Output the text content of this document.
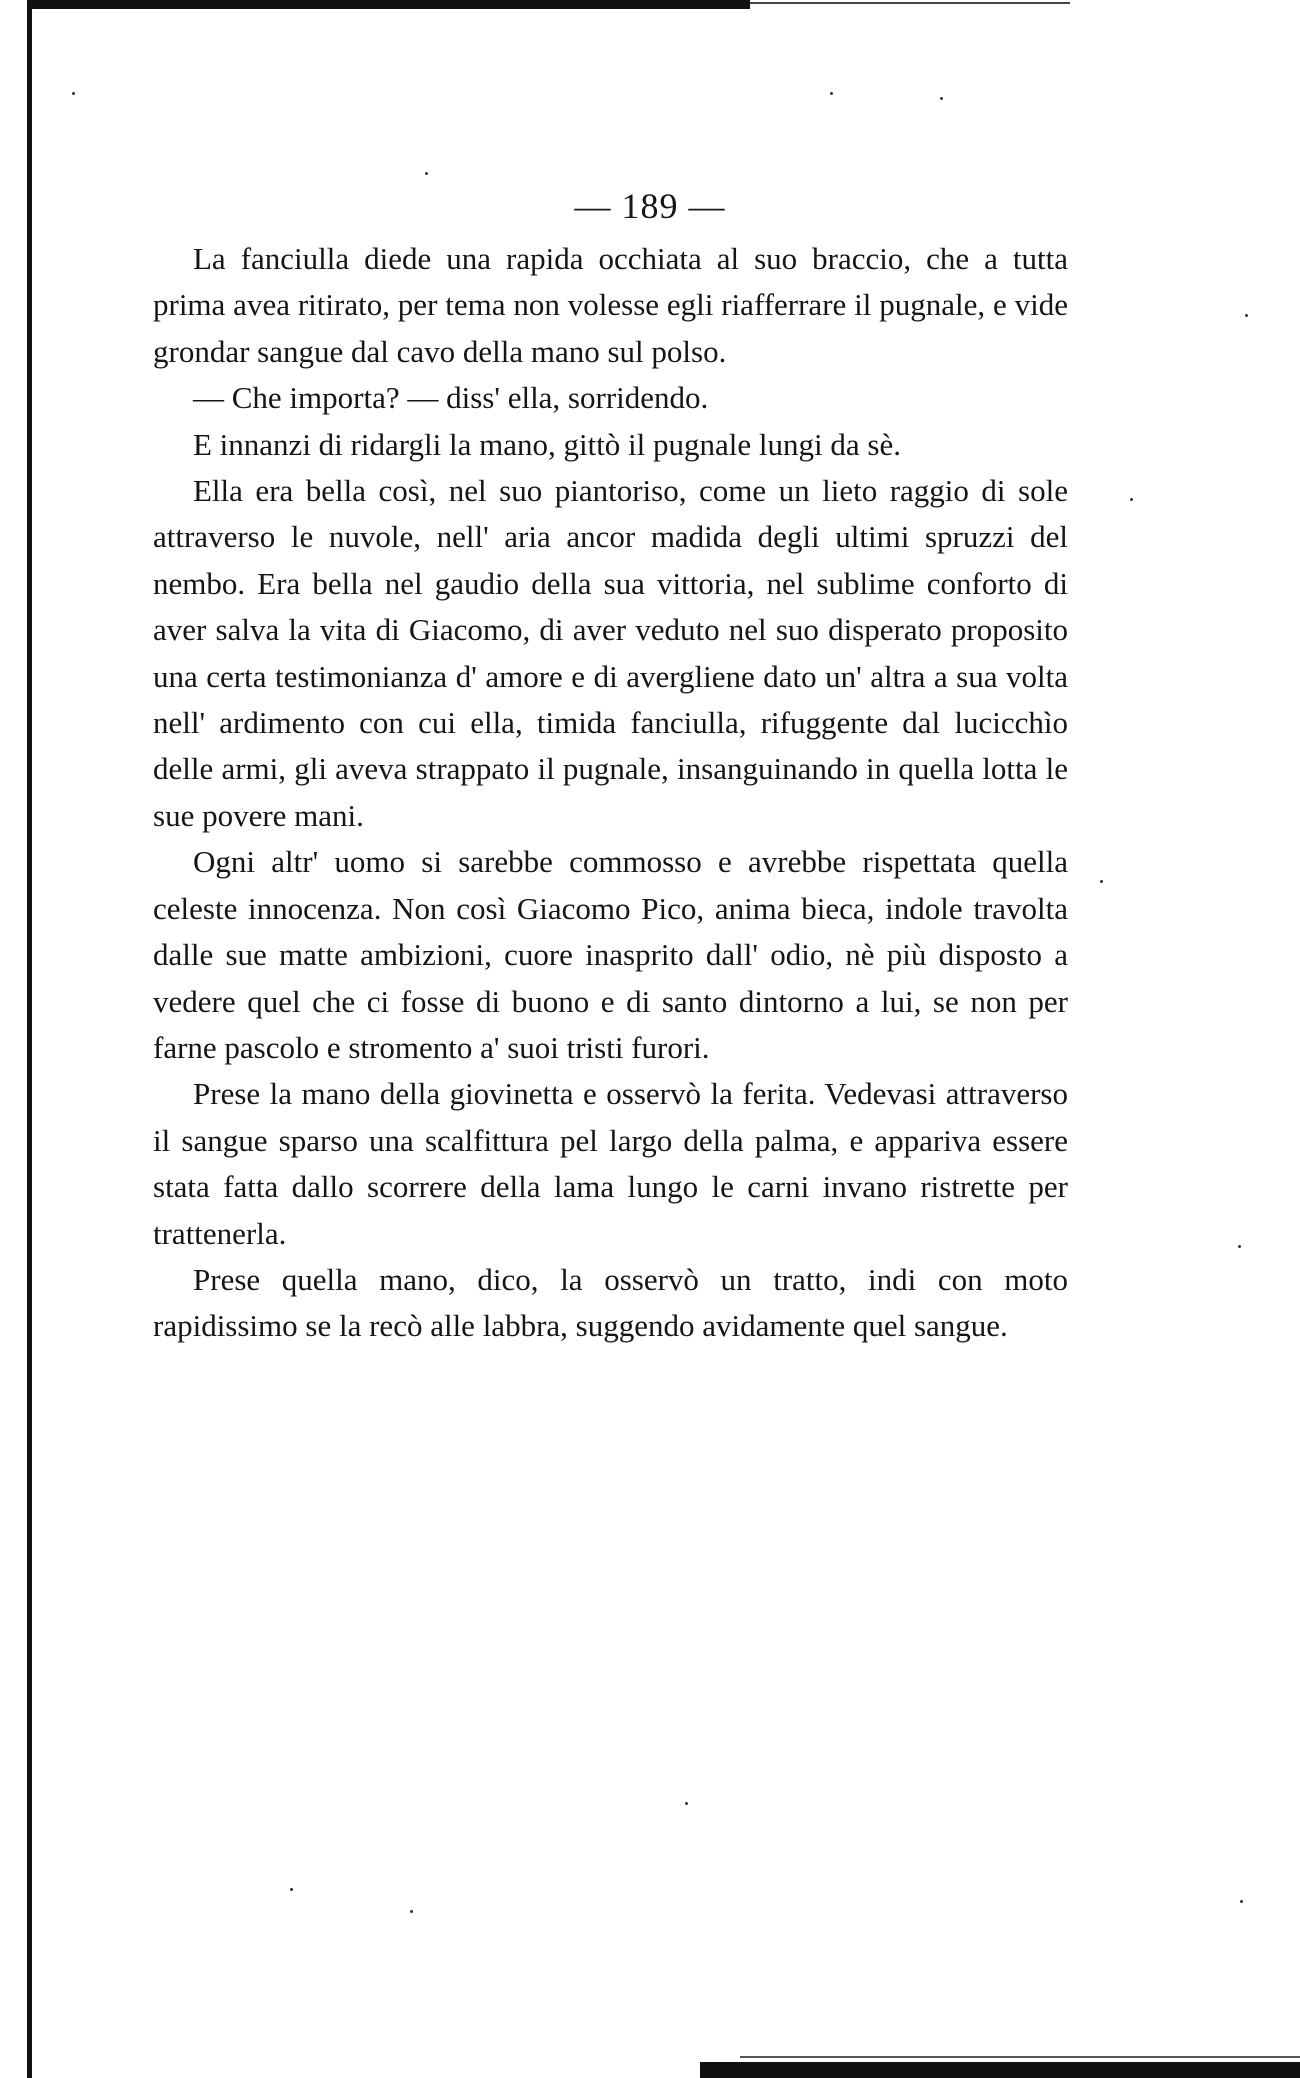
— 189 —

La fanciulla diede una rapida occhiata al suo braccio, che a tutta prima avea ritirato, per tema non volesse egli riafferrare il pugnale, e vide grondar sangue dal cavo della mano sul polso.

— Che importa? — diss' ella, sorridendo.

E innanzi di ridargli la mano, gittò il pugnale lungi da sè.

Ella era bella così, nel suo piantoriso, come un lieto raggio di sole attraverso le nuvole, nell' aria ancor madida degli ultimi spruzzi del nembo. Era bella nel gaudio della sua vittoria, nel sublime conforto di aver salva la vita di Giacomo, di aver veduto nel suo disperato proposito una certa testimonianza d' amore e di avergliene dato un' altra a sua volta nell' ardimento con cui ella, timida fanciulla, rifuggente dal lucicchìo delle armi, gli aveva strappato il pugnale, insanguinando in quella lotta le sue povere mani.

Ogni altr' uomo si sarebbe commosso e avrebbe rispettata quella celeste innocenza. Non così Giacomo Pico, anima bieca, indole travolta dalle sue matte ambizioni, cuore inasprito dall' odio, nè più disposto a vedere quel che ci fosse di buono e di santo dintorno a lui, se non per farne pascolo e stromento a' suoi tristi furori.

Prese la mano della giovinetta e osservò la ferita. Vedevasi attraverso il sangue sparso una scalfittura pel largo della palma, e appariva essere stata fatta dallo scorrere della lama lungo le carni invano ristrette per trattenerla.

Prese quella mano, dico, la osservò un tratto, indi con moto rapidissimo se la recò alle labbra, suggendo avidamente quel sangue.
